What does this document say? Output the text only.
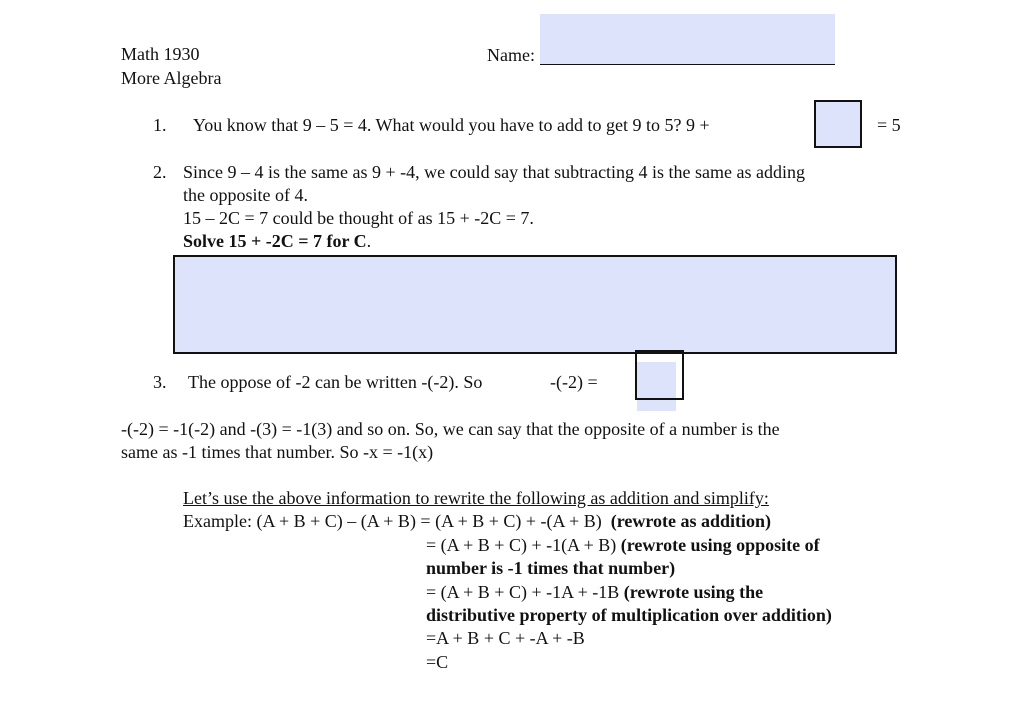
Math 1930
More Algebra
Name:
1. You know that 9 – 5 = 4. What would you have to add to get 9 to 5? 9 +	= 5
2. Since 9 – 4 is the same as 9 + -4, we could say that subtracting 4 is the same as adding
the opposite of 4.
15 – 2C = 7 could be thought of as 15 + -2C = 7.
Solve 15 + -2C = 7 for C.
3. The oppose of -2 can be written -(-2). So	-(-2) =
-(-2) = -1(-2) and -(3) = -1(3) and so on. So, we can say that the opposite of a number is the
same as -1 times that number. So -x = -1(x)
Let’s use the above information to rewrite the following as addition and simplify:
Example: (A + B + C) – (A + B) = (A + B + C) + -(A + B) (rewrote as addition)
= (A + B + C) + -1(A + B) (rewrote using opposite of
number is -1 times that number)
= (A + B + C) + -1A + -1B (rewrote using the
distributive property of multiplication over addition)
=A + B + C + -A + -B
=C
